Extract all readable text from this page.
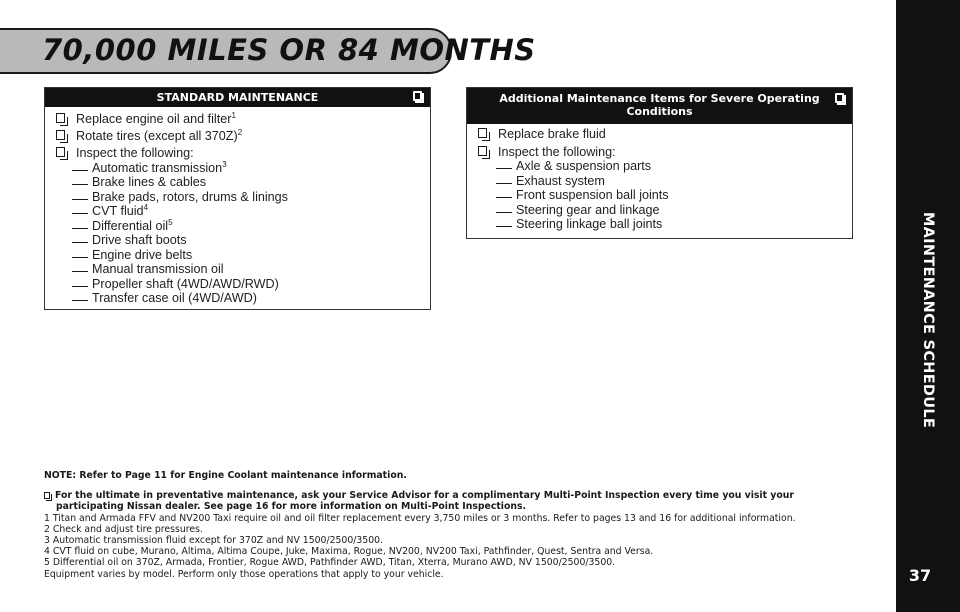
70,000 MILES OR 84 MONTHS
MAINTENANCE SCHEDULE
37
STANDARD MAINTENANCE
Replace engine oil and filter$^1$
Rotate tires (except all 370Z)$^2$
Inspect the following:
Automatic transmission$^3$
Brake lines & cables
Brake pads, rotors, drums & linings
CVT fluid$^4$
Differential oil$^5$
Drive shaft boots
Engine drive belts
Manual transmission oil
Propeller shaft (4WD/AWD/RWD)
Transfer case oil (4WD/AWD)
Additional Maintenance Items for Severe Operating
Conditions
Replace brake fluid
Inspect the following:
Axle & suspension parts
Exhaust system
Front suspension ball joints
Steering gear and linkage
Steering linkage ball joints
NOTE: Refer to Page 11 for Engine Coolant maintenance information.
For the ultimate in preventative maintenance, ask your Service Advisor for a complimentary Multi-Point Inspection every time you visit your
participating Nissan dealer. See page 16 for more information on Multi-Point Inspections.
1 Titan and Armada FFV and NV200 Taxi require oil and oil filter replacement every 3,750 miles or 3 months. Refer to pages 13 and 16 for additional information.
2 Check and adjust tire pressures.
3 Automatic transmission fluid except for 370Z and NV 1500/2500/3500.
4 CVT fluid on cube, Murano, Altima, Altima Coupe, Juke, Maxima, Rogue, NV200, NV200 Taxi, Pathfinder, Quest, Sentra and Versa.
5 Differential oil on 370Z, Armada, Frontier, Rogue AWD, Pathfinder AWD, Titan, Xterra, Murano AWD, NV 1500/2500/3500.
Equipment varies by model. Perform only those operations that apply to your vehicle.
